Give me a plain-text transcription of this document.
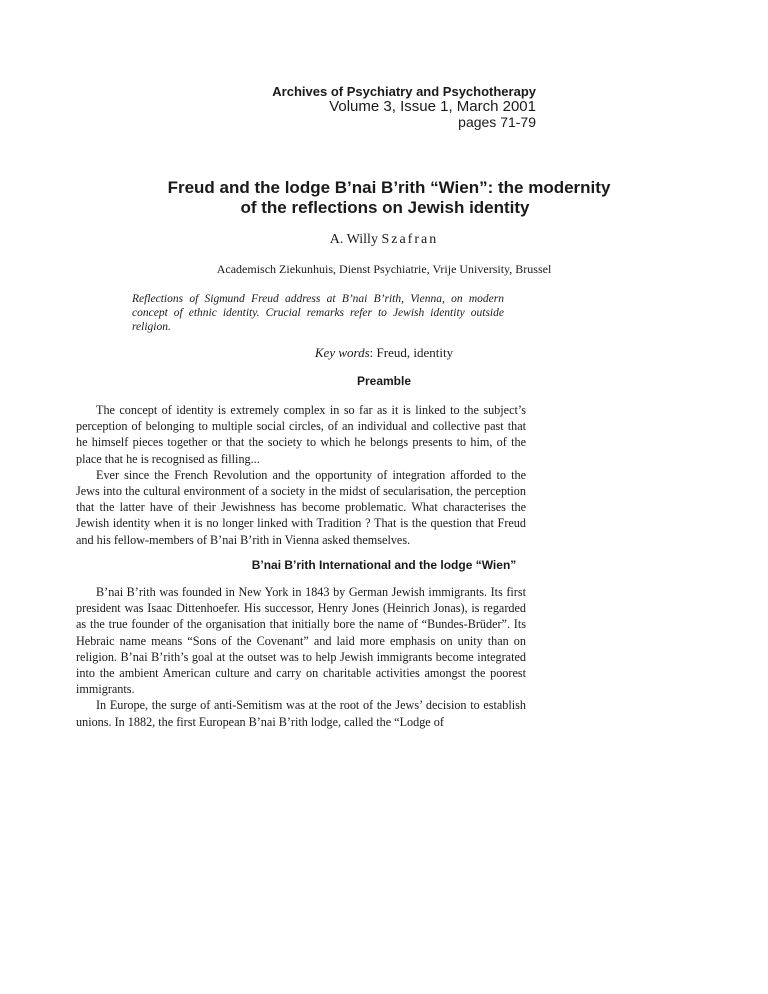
Archives of Psychiatry and Psychotherapy
Volume 3, Issue 1, March 2001
pages 71-79
Freud and the lodge B’nai B’rith “Wien”: the modernity
of the reflections on Jewish identity
A. Willy Szafran
Academisch Ziekunhuis, Dienst Psychiatrie, Vrije University, Brussel
Reflections of Sigmund Freud address at B’nai B’rith, Vienna, on modern concept of ethnic identity. Crucial remarks refer to Jewish identity outside religion.
Key words: Freud, identity
Preamble

The concept of identity is extremely complex in so far as it is linked to the subject’s perception of belonging to multiple social circles, of an individual and collective past that he himself pieces together or that the society to which he belongs presents to him, of the place that he is recognised as filling...

Ever since the French Revolution and the opportunity of integration afforded to the Jews into the cultural environment of a society in the midst of secularisation, the perception that the latter have of their Jewishness has become problematic. What characterises the Jewish identity when it is no longer linked with Tradition ? That is the question that Freud and his fellow-members of B’nai B’rith in Vienna asked themselves.

B’nai B’rith International and the lodge “Wien”

B’nai B’rith was founded in New York in 1843 by German Jewish immigrants. Its first president was Isaac Dittenhoefer. His successor, Henry Jones (Heinrich Jonas), is regarded as the true founder of the organisation that initially bore the name of “Bundes-Brüder”. Its Hebraic name means “Sons of the Covenant” and laid more emphasis on unity than on religion. B’nai B’rith’s goal at the outset was to help Jewish immigrants become integrated into the ambient American culture and carry on charitable activities amongst the poorest immigrants.

In Europe, the surge of anti-Semitism was at the root of the Jews’ decision to establish unions. In 1882, the first European B’nai B’rith lodge, called the “Lodge of
